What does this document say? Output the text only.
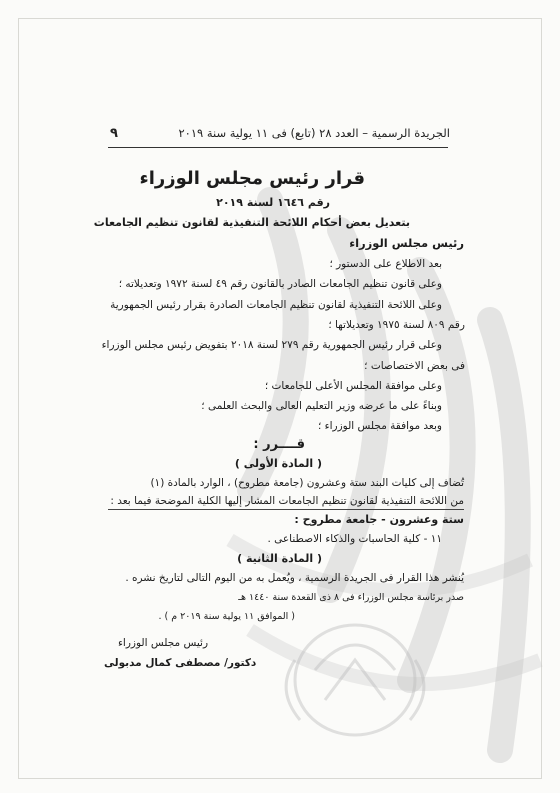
الجريدة الرسمية – العدد ٢٨ (تابع) فى ١١ يولية سنة ٢٠١٩
٩
قرار رئيس مجلس الوزراء
رقم ١٦٤٦ لسنة ٢٠١٩
بتعديل بعض أحكام اللائحة التنفيذية لقانون تنظيم الجامعات
رئيس مجلس الوزراء
بعد الاطلاع على الدستور ؛
وعلى قانون تنظيم الجامعات الصادر بالقانون رقم ٤٩ لسنة ١٩٧٢ وتعديلاته ؛
وعلى اللائحة التنفيذية لقانون تنظيم الجامعات الصادرة بقرار رئيس الجمهورية
رقم ٨٠٩ لسنة ١٩٧٥ وتعديلاتها ؛
وعلى قرار رئيس الجمهورية رقم ٢٧٩ لسنة ٢٠١٨ بتفويض رئيس مجلس الوزراء
فى بعض الاختصاصات ؛
وعلى موافقة المجلس الأعلى للجامعات ؛
وبناءً على ما عرضه وزير التعليم العالى والبحث العلمى ؛
وبعد موافقة مجلس الوزراء ؛
قــــرر :
( المادة الأولى )
تُضاف إلى كليات البند ستة وعشرون (جامعة مطروح) ، الوارد بالمادة (١)
من اللائحة التنفيذية لقانون تنظيم الجامعات المشار إليها الكلية الموضحة فيما بعد :
ستة وعشرون - جامعة مطروح :
١١ - كلية الحاسبات والذكاء الاصطناعى .
( المادة الثانية )
يُنشر هذا القرار فى الجريدة الرسمية ، ويُعمل به من اليوم التالى لتاريخ نشره .
صدر برئاسة مجلس الوزراء فى ٨ ذى القعدة سنة ١٤٤٠ هـ
( الموافق ١١ يولية سنة ٢٠١٩ م ) .
رئيس مجلس الوزراء
دكتور/ مصطفى كمال مدبولى
